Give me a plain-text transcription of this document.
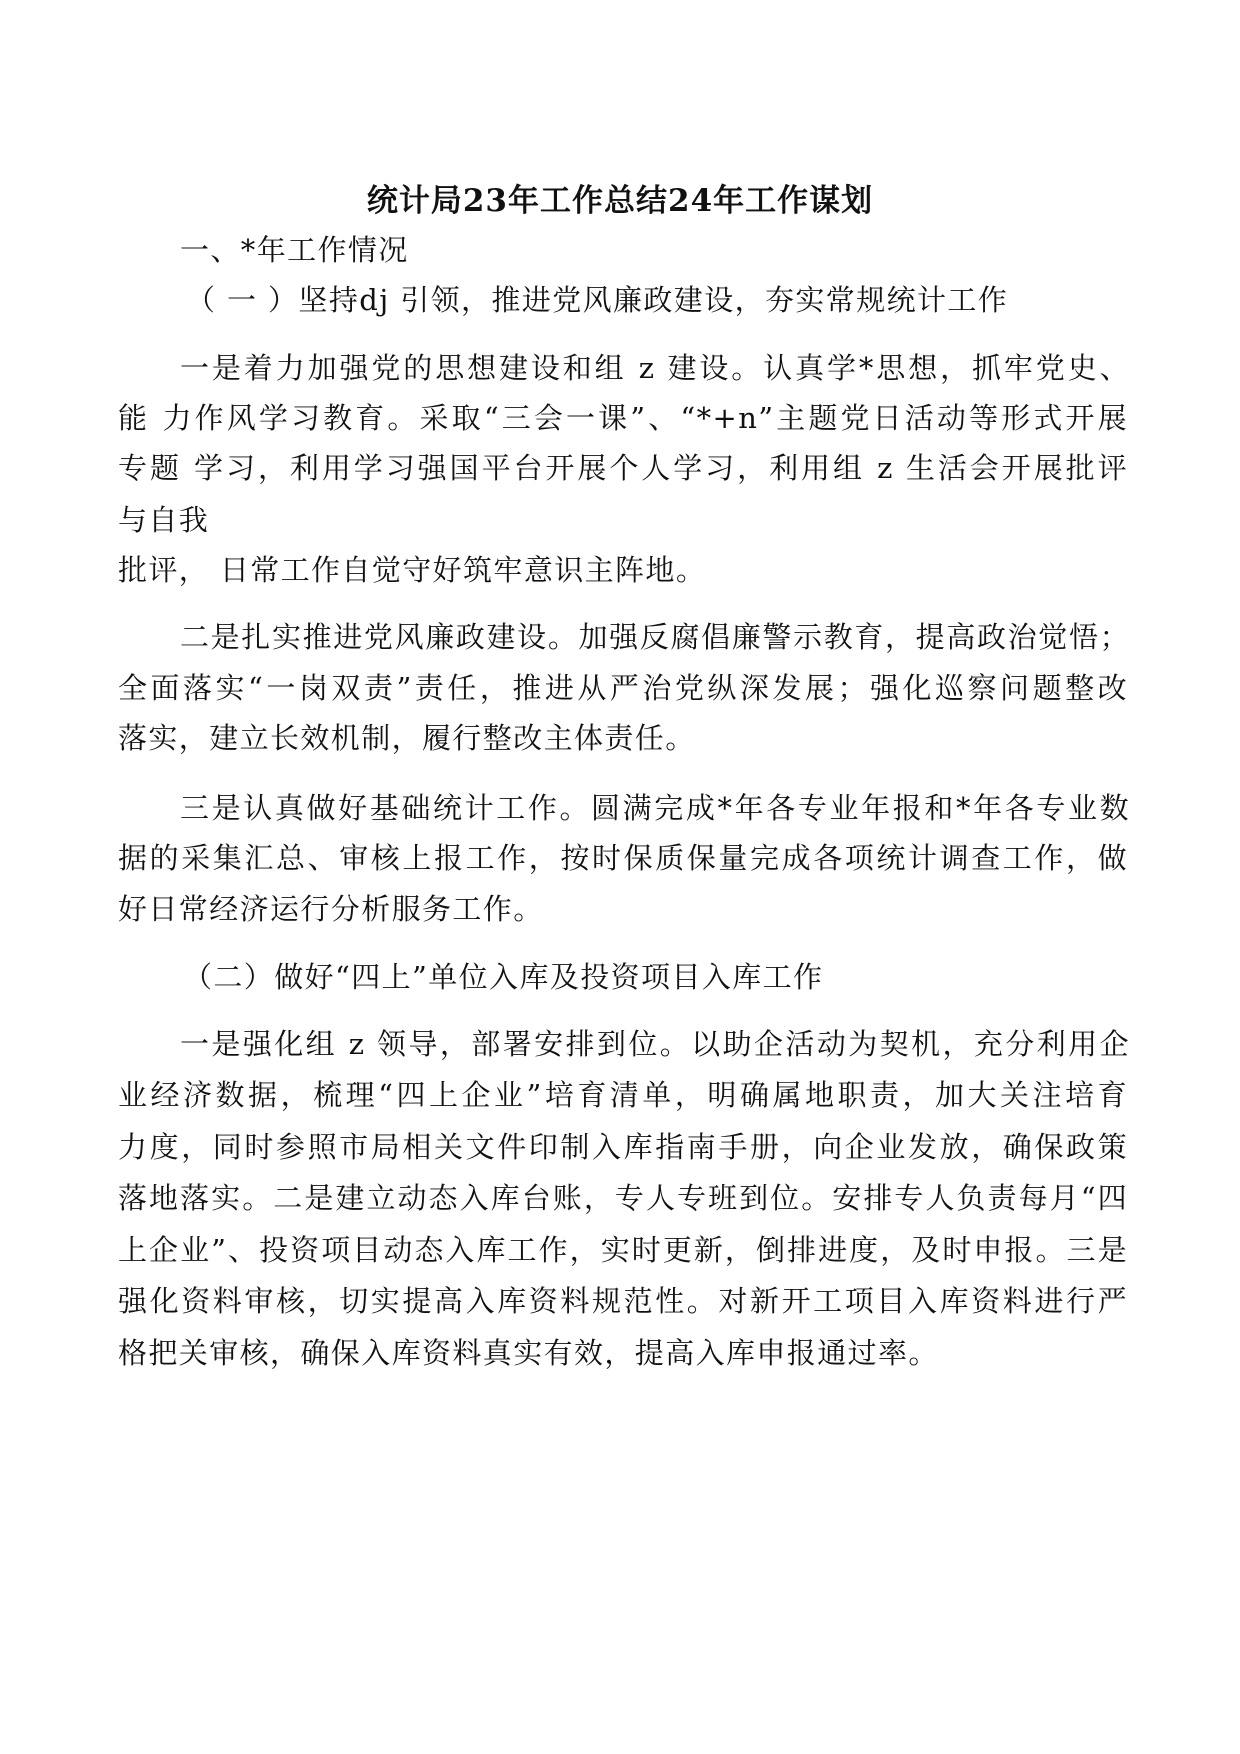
统计局23年工作总结24年工作谋划
一、*年工作情况
（ 一 ）坚持dj 引领，推进党风廉政建设，夯实常规统计工作
一是着力加强党的思想建设和组 z 建设。认真学*思想，抓牢党史、
能 力作风学习教育。采取“三会一课”、“*+n”主题党日活动等形式开展
专题 学习，利用学习强国平台开展个人学习，利用组 z 生活会开展批评
与自我
批评， 日常工作自觉守好筑牢意识主阵地。
二是扎实推进党风廉政建设。加强反腐倡廉警示教育，提高政治觉悟；
全面落实“一岗双责”责任，推进从严治党纵深发展；强化巡察问题整改
落实，建立长效机制，履行整改主体责任。
三是认真做好基础统计工作。圆满完成*年各专业年报和*年各专业数
据的采集汇总、审核上报工作，按时保质保量完成各项统计调查工作，做
好日常经济运行分析服务工作。
（二）做好“四上”单位入库及投资项目入库工作
一是强化组 z 领导，部署安排到位。以助企活动为契机，充分利用企
业经济数据，梳理“四上企业”培育清单，明确属地职责，加大关注培育
力度，同时参照市局相关文件印制入库指南手册，向企业发放，确保政策
落地落实。二是建立动态入库台账，专人专班到位。安排专人负责每月“四
上企业”、投资项目动态入库工作，实时更新，倒排进度，及时申报。三是
强化资料审核，切实提高入库资料规范性。对新开工项目入库资料进行严
格把关审核，确保入库资料真实有效，提高入库申报通过率。
